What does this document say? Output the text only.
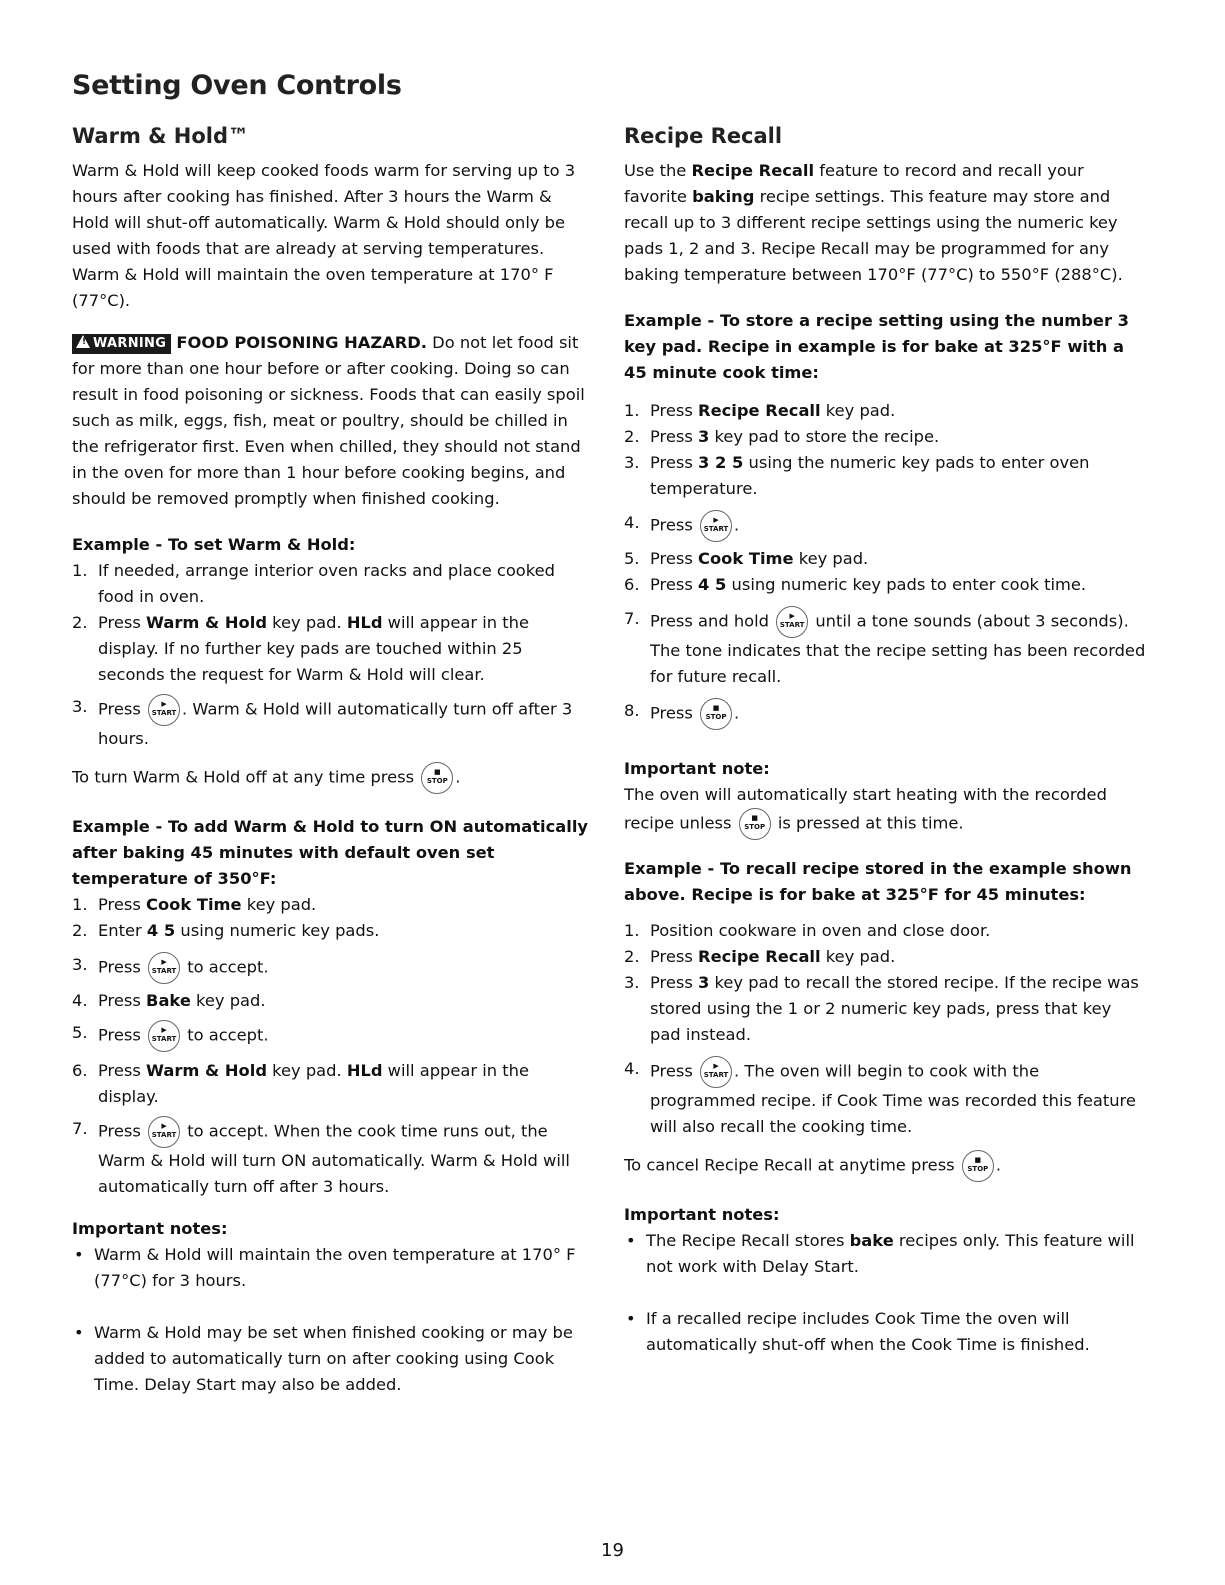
Setting Oven Controls
Warm & Hold™

Warm & Hold will keep cooked foods warm for serving up to 3 hours after cooking has finished. After 3 hours the Warm & Hold will shut-off automatically. Warm & Hold should only be used with foods that are already at serving temperatures. Warm & Hold will maintain the oven temperature at 170° F (77°C).

! WARNING FOOD POISONING HAZARD. Do not let food sit for more than one hour before or after cooking. Doing so can result in food poisoning or sickness. Foods that can easily spoil such as milk, eggs, fish, meat or poultry, should be chilled in the refrigerator first. Even when chilled, they should not stand in the oven for more than 1 hour before cooking begins, and should be removed promptly when finished cooking.

Example - To set Warm & Hold:

1. If needed, arrange interior oven racks and place cooked food in oven.
2. Press Warm & Hold key pad. HLd will appear in the display. If no further key pads are touched within 25 seconds the request for Warm & Hold will clear.
3. Press	▶
START . Warm & Hold will automatically turn off after 3 hours.

To turn Warm & Hold off at any time press	■
STOP .

Example - To add Warm & Hold to turn ON automatically after baking 45 minutes with default oven set temperature of 350°F:

1. Press Cook Time key pad.
2. Enter 4 5 using numeric key pads.
3. Press	▶
START to accept.
4. Press Bake key pad.
5. Press	▶
START to accept.
6. Press Warm & Hold key pad. HLd will appear in the display.
7. Press	▶
START to accept. When the cook time runs out, the Warm & Hold will turn ON automatically. Warm & Hold will automatically turn off after 3 hours.

Important notes:

• Warm & Hold will maintain the oven temperature at 170° F (77°C) for 3 hours.
• Warm & Hold may be set when finished cooking or may be added to automatically turn on after cooking using Cook Time. Delay Start may also be added.
Recipe Recall

Use the Recipe Recall feature to record and recall your favorite baking recipe settings. This feature may store and recall up to 3 different recipe settings using the numeric key pads 1, 2 and 3. Recipe Recall may be programmed for any baking temperature between 170°F (77°C) to 550°F (288°C).

Example - To store a recipe setting using the number 3 key pad. Recipe in example is for bake at 325°F with a 45 minute cook time:

1. Press Recipe Recall key pad.
2. Press 3 key pad to store the recipe.
3. Press 3 2 5 using the numeric key pads to enter oven temperature.
4. Press	▶
START .
5. Press Cook Time key pad.
6. Press 4 5 using numeric key pads to enter cook time.
7. Press and hold	▶
START until a tone sounds (about 3 seconds). The tone indicates that the recipe setting has been recorded for future recall.
8. Press	■
STOP .

Important note:

The oven will automatically start heating with the recorded recipe unless	■
STOP is pressed at this time.

Example - To recall recipe stored in the example shown above. Recipe is for bake at 325°F for 45 minutes:

1. Position cookware in oven and close door.
2. Press Recipe Recall key pad.
3. Press 3 key pad to recall the stored recipe. If the recipe was stored using the 1 or 2 numeric key pads, press that key pad instead.
4. Press	▶
START . The oven will begin to cook with the programmed recipe. if Cook Time was recorded this feature will also recall the cooking time.

To cancel Recipe Recall at anytime press	■
STOP .

Important notes:

• The Recipe Recall stores bake recipes only. This feature will not work with Delay Start.
• If a recalled recipe includes Cook Time the oven will automatically shut-off when the Cook Time is finished.
19
